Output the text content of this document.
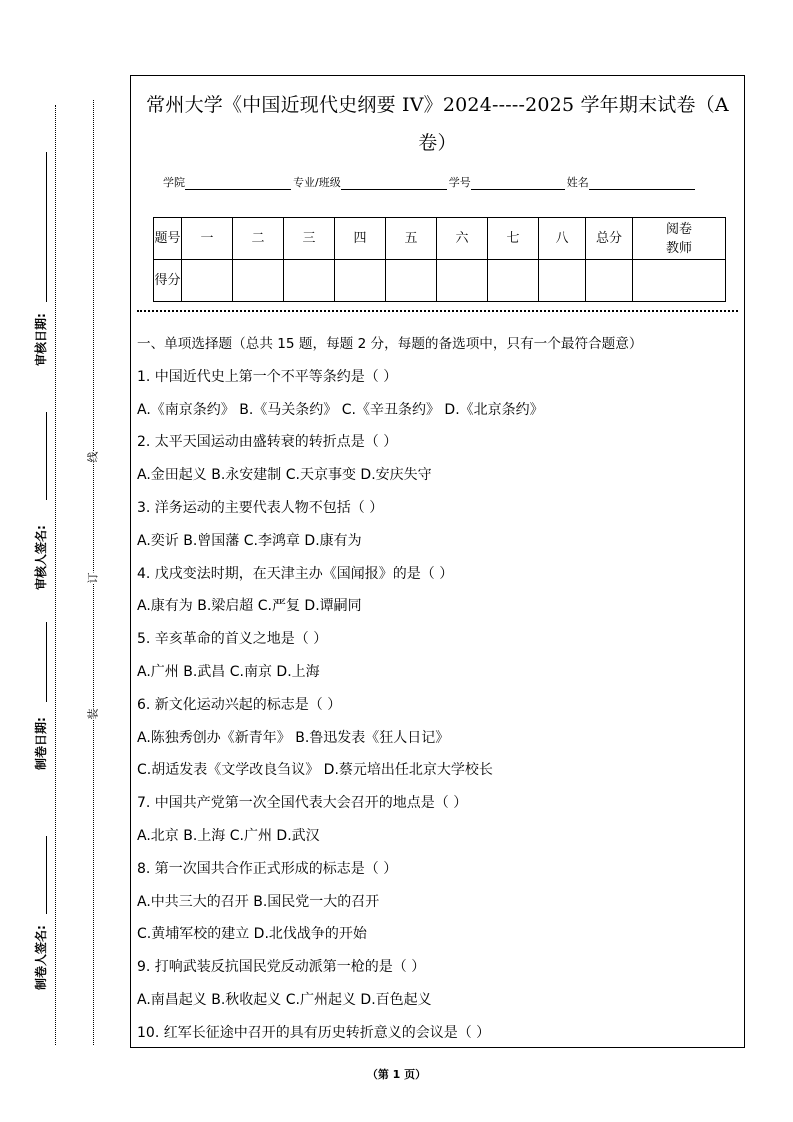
审核日期:
审核人签名:
制卷日期:
制卷人签名:
线
订
装
常州大学《中国近现代史纲要 IV》2024-----2025 学年期末试卷（A
卷）
学院	专业/班级	学号	姓名
题号	一	二	三	四	五	六	七	八	总分	阅卷教师
得分										
一、单项选择题（总共 15 题，每题 2 分，每题的备选项中，只有一个最符合题意）
1. 中国近代史上第一个不平等条约是（ ）
A.《南京条约》 B.《马关条约》 C.《辛丑条约》 D.《北京条约》
2. 太平天国运动由盛转衰的转折点是（ ）
A.金田起义 B.永安建制 C.天京事变 D.安庆失守
3. 洋务运动的主要代表人物不包括（ ）
A.奕䜣 B.曾国藩 C.李鸿章 D.康有为
4. 戊戌变法时期，在天津主办《国闻报》的是（ ）
A.康有为 B.梁启超 C.严复 D.谭嗣同
5. 辛亥革命的首义之地是（ ）
A.广州 B.武昌 C.南京 D.上海
6. 新文化运动兴起的标志是（ ）
A.陈独秀创办《新青年》 B.鲁迅发表《狂人日记》
C.胡适发表《文学改良刍议》 D.蔡元培出任北京大学校长
7. 中国共产党第一次全国代表大会召开的地点是（ ）
A.北京 B.上海 C.广州 D.武汉
8. 第一次国共合作正式形成的标志是（ ）
A.中共三大的召开 B.国民党一大的召开
C.黄埔军校的建立 D.北伐战争的开始
9. 打响武装反抗国民党反动派第一枪的是（ ）
A.南昌起义 B.秋收起义 C.广州起义 D.百色起义
10. 红军长征途中召开的具有历史转折意义的会议是（ ）
（第 1 页）
